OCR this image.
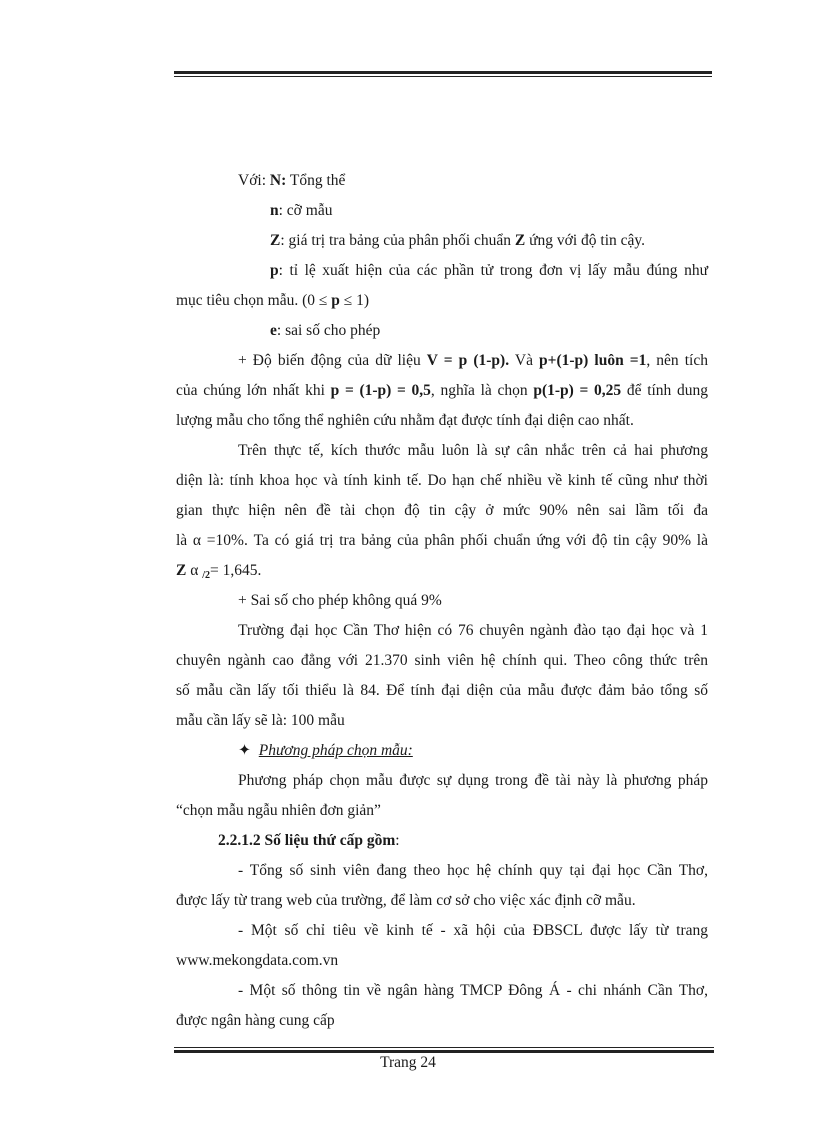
Với: N: Tổng thể
n: cỡ mẫu
Z: giá trị tra bảng của phân phối chuẩn Z ứng với độ tin cậy.
p: tỉ lệ xuất hiện của các phần tử trong đơn vị lấy mẫu đúng như
mục tiêu chọn mẫu. (0 ≤ p ≤ 1)
e: sai số cho phép
+ Độ biến động của dữ liệu V = p (1-p). Và p+(1-p) luôn =1, nên tích
của chúng lớn nhất khi p = (1-p) = 0,5, nghĩa là chọn p(1-p) = 0,25 để tính dung
lượng mẫu cho tổng thể nghiên cứu nhằm đạt được tính đại diện cao nhất.
Trên thực tế, kích thước mẫu luôn là sự cân nhắc trên cả hai phương
diện là: tính khoa học và tính kinh tế. Do hạn chế nhiều về kinh tế cũng như thời
gian thực hiện nên đề tài chọn độ tin cậy ở mức 90% nên sai lầm tối đa
là α =10%. Ta có giá trị tra bảng của phân phối chuẩn ứng với độ tin cậy 90% là
Z α $_{/2}$= 1,645.
+ Sai số cho phép không quá 9%
Trường đại học Cần Thơ hiện có 76 chuyên ngành đào tạo đại học và 1
chuyên ngành cao đẳng với 21.370 sinh viên hệ chính qui. Theo công thức trên
số mẫu cần lấy tối thiểu là 84. Để tính đại diện của mẫu được đảm bảo tổng số
mẫu cần lấy sẽ là: 100 mẫu
✦ Phương pháp chọn mẫu:
Phương pháp chọn mẫu được sự dụng trong đề tài này là phương pháp
“chọn mẫu ngẫu nhiên đơn giản”
2.2.1.2 Số liệu thứ cấp gồm:
- Tổng số sinh viên đang theo học hệ chính quy tại đại học Cần Thơ,
được lấy từ trang web của trường, để làm cơ sở cho việc xác định cỡ mẫu.
- Một số chỉ tiêu về kinh tế - xã hội của ĐBSCL được lấy từ trang
www.mekongdata.com.vn
- Một số thông tin về ngân hàng TMCP Đông Á - chi nhánh Cần Thơ,
được ngân hàng cung cấp
Trang 24
